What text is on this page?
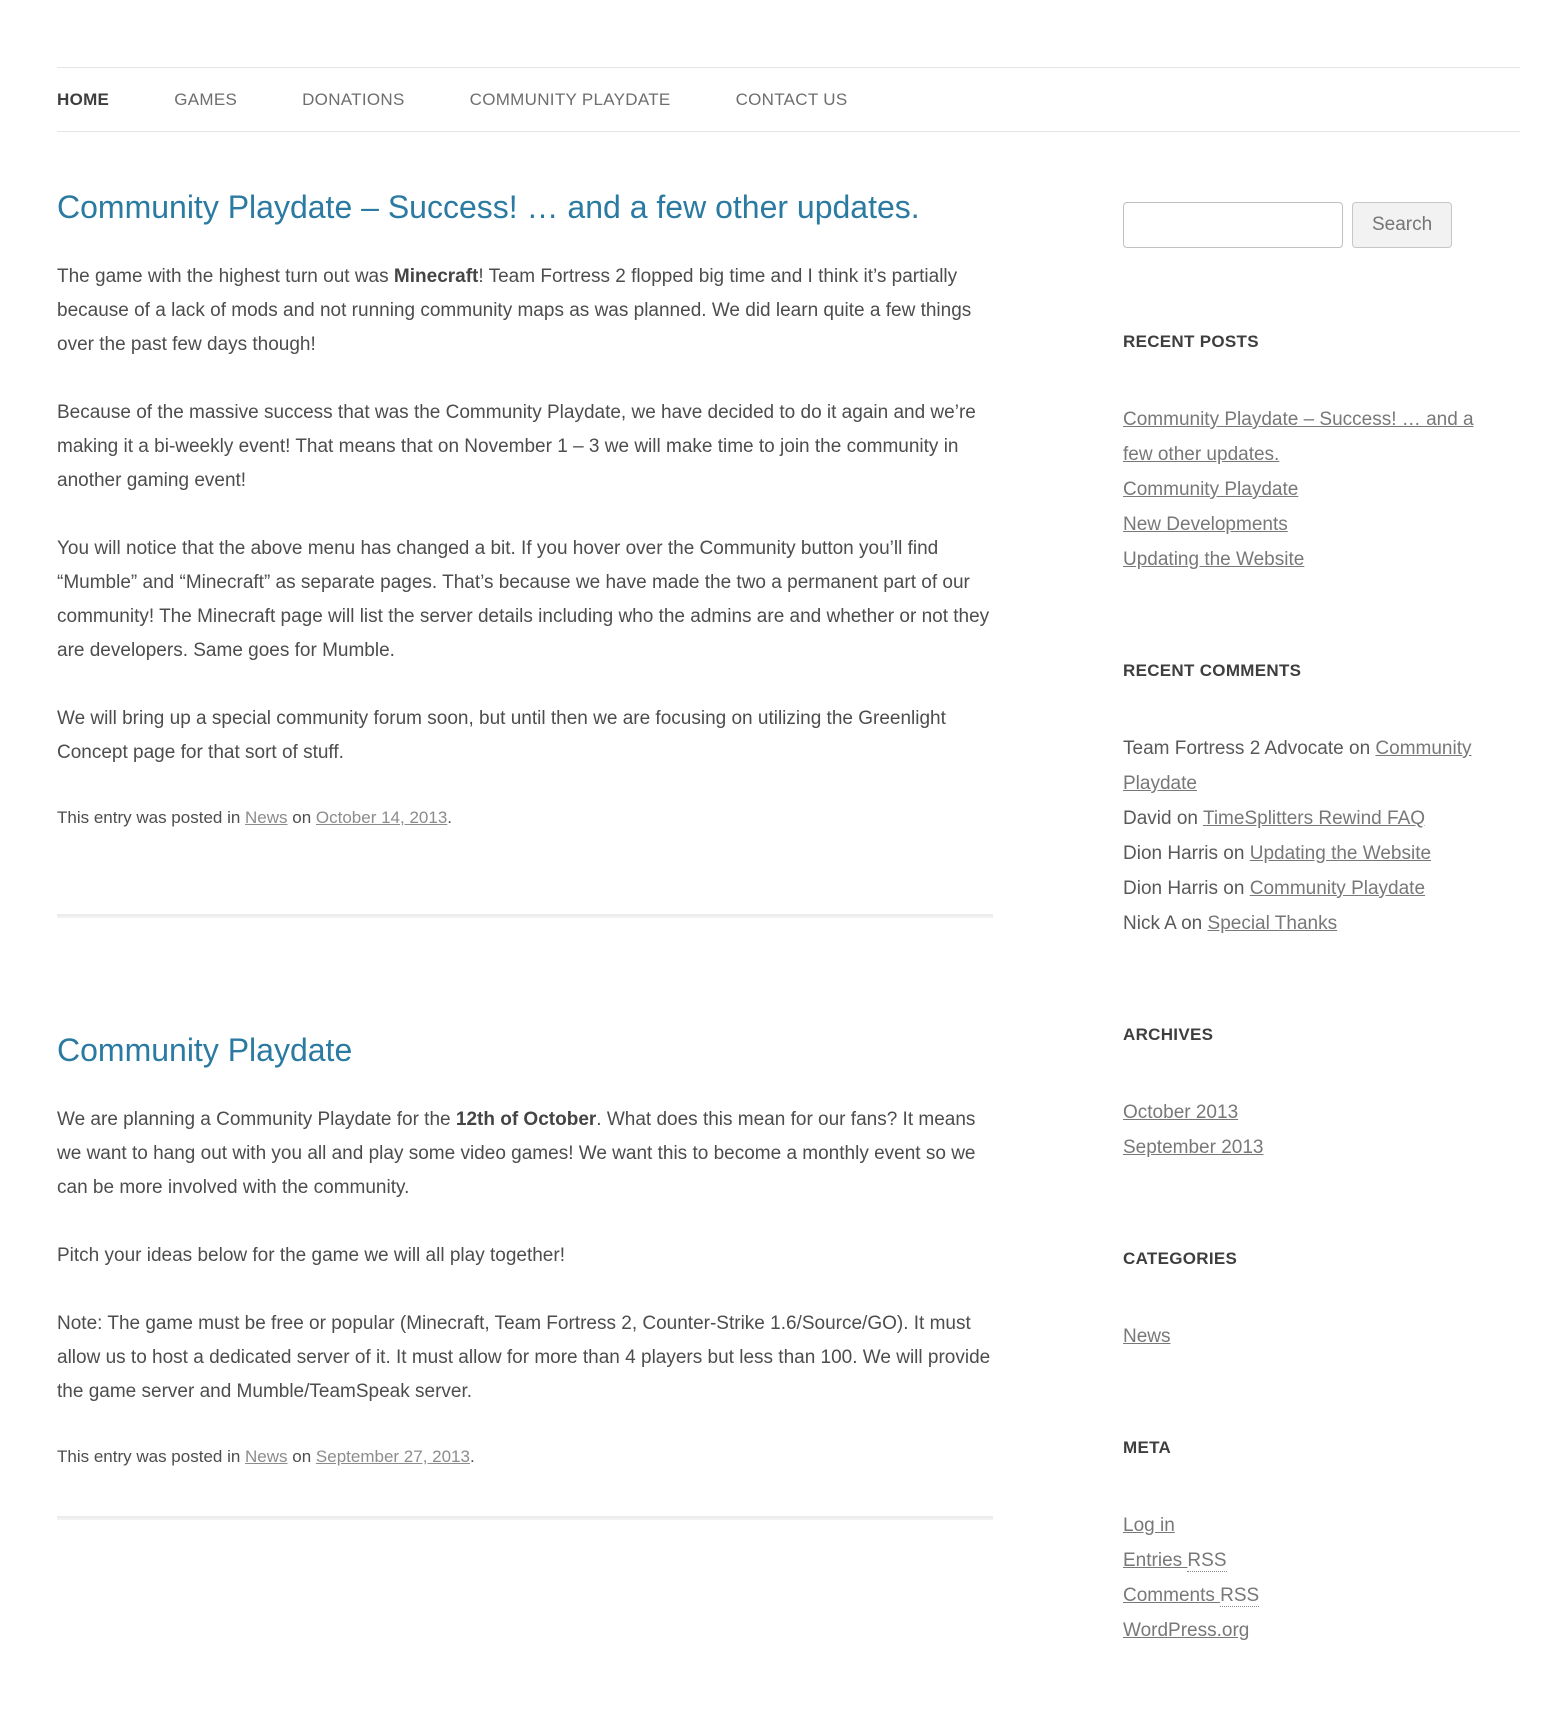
HOME	GAMES	DONATIONS	COMMUNITY PLAYDATE	CONTACT US
Community Playdate – Success! … and a few other updates.

The game with the highest turn out was Minecraft! Team Fortress 2 flopped big time and I think it’s partially because of a lack of mods and not running community maps as was planned. We did learn quite a few things over the past few days though!

Because of the massive success that was the Community Playdate, we have decided to do it again and we’re making it a bi-weekly event! That means that on November 1 – 3 we will make time to join the community in another gaming event!

You will notice that the above menu has changed a bit. If you hover over the Community button you’ll find “Mumble” and “Minecraft” as separate pages. That’s because we have made the two a permanent part of our community! The Minecraft page will list the server details including who the admins are and whether or not they are developers. Same goes for Mumble.

We will bring up a special community forum soon, but until then we are focusing on utilizing the Greenlight Concept page for that sort of stuff.

This entry was posted in News on October 14, 2013.

Community Playdate

We are planning a Community Playdate for the 12th of October. What does this mean for our fans? It means we want to hang out with you all and play some video games! We want this to become a monthly event so we can be more involved with the community.

Pitch your ideas below for the game we will all play together!

Note: The game must be free or popular (Minecraft, Team Fortress 2, Counter-Strike 1.6/Source/GO). It must allow us to host a dedicated server of it. It must allow for more than 4 players but less than 100. We will provide the game server and Mumble/TeamSpeak server.

This entry was posted in News on September 27, 2013.

Search
RECENT POSTS
Community Playdate – Success! … and a few other updates.
Community Playdate
New Developments
Updating the Website
RECENT COMMENTS
Team Fortress 2 Advocate on Community Playdate
David on TimeSplitters Rewind FAQ
Dion Harris on Updating the Website
Dion Harris on Community Playdate
Nick A on Special Thanks
ARCHIVES
October 2013
September 2013
CATEGORIES
News
META
Log in
Entries RSS
Comments RSS
WordPress.org
